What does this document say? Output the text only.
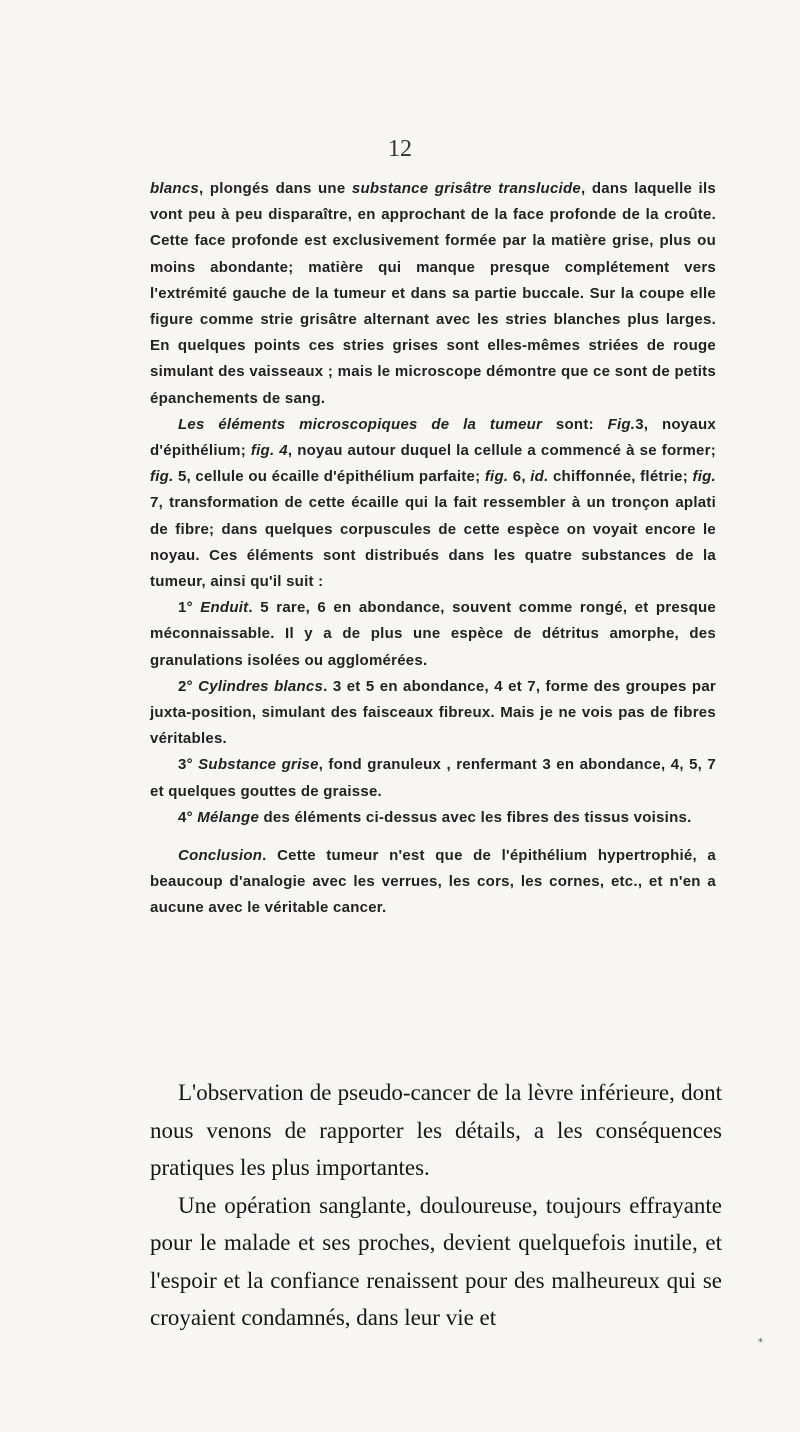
12

blancs, plongés dans une substance grisâtre translucide, dans laquelle ils vont peu à peu disparaître, en approchant de la face profonde de la croûte. Cette face profonde est exclusivement formée par la matière grise, plus ou moins abondante; matière qui manque presque complétement vers l'extrémité gauche de la tumeur et dans sa partie buccale. Sur la coupe elle figure comme strie grisâtre alternant avec les stries blanches plus larges. En quelques points ces stries grises sont elles-mêmes striées de rouge simulant des vaisseaux ; mais le microscope démontre que ce sont de petits épanchements de sang.

Les éléments microscopiques de la tumeur sont: Fig.3, noyaux d'épithélium; fig. 4, noyau autour duquel la cellule a commencé à se former; fig. 5, cellule ou écaille d'épithélium parfaite; fig. 6, id. chiffonnée, flétrie; fig. 7, transformation de cette écaille qui la fait ressembler à un tronçon aplati de fibre; dans quelques corpuscules de cette espèce on voyait encore le noyau. Ces éléments sont distribués dans les quatre substances de la tumeur, ainsi qu'il suit :

1° Enduit. 5 rare, 6 en abondance, souvent comme rongé, et presque méconnaissable. Il y a de plus une espèce de détritus amorphe, des granulations isolées ou agglomérées.

2° Cylindres blancs. 3 et 5 en abondance, 4 et 7, forme des groupes par juxta-position, simulant des faisceaux fibreux. Mais je ne vois pas de fibres véritables.

3° Substance grise, fond granuleux , renfermant 3 en abondance, 4, 5, 7 et quelques gouttes de graisse.

4° Mélange des éléments ci-dessus avec les fibres des tissus voisins.

Conclusion. Cette tumeur n'est que de l'épithélium hypertrophié, a beaucoup d'analogie avec les verrues, les cors, les cornes, etc., et n'en a aucune avec le véritable cancer.

L'observation de pseudo-cancer de la lèvre inférieure, dont nous venons de rapporter les détails, a les conséquences pratiques les plus importantes.

Une opération sanglante, douloureuse, toujours effrayante pour le malade et ses proches, devient quelquefois inutile, et l'espoir et la confiance renaissent pour des malheureux qui se croyaient condamnés, dans leur vie et

*
